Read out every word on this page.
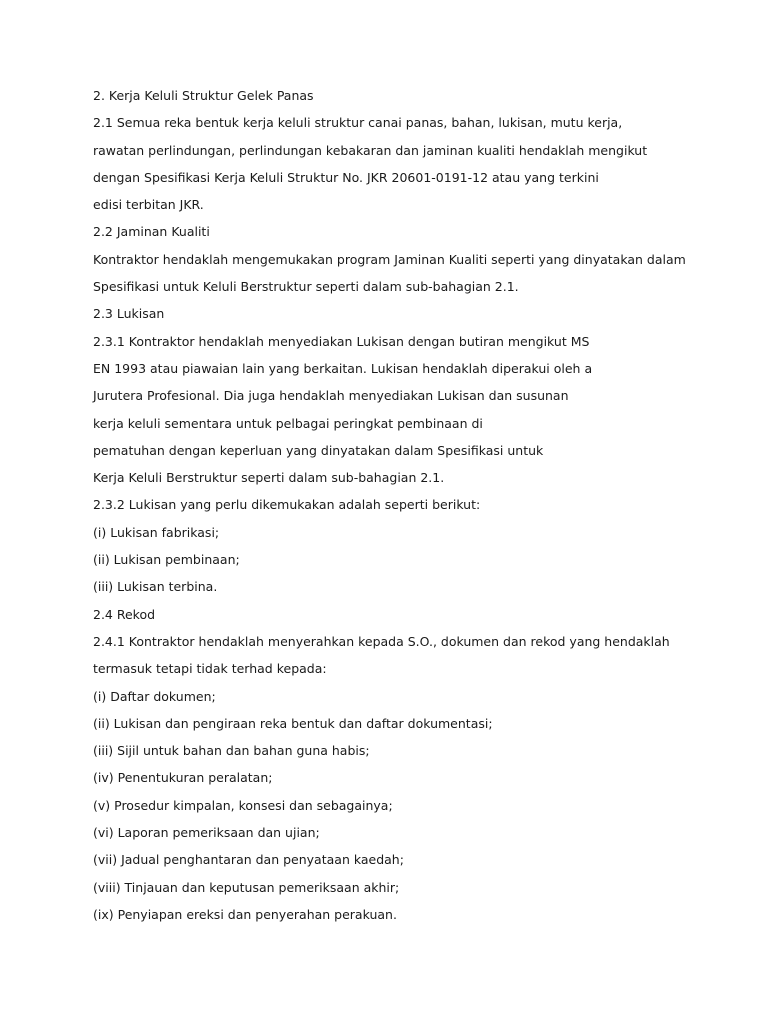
2. Kerja Keluli Struktur Gelek Panas

2.1 Semua reka bentuk kerja keluli struktur canai panas, bahan, lukisan, mutu kerja,

rawatan perlindungan, perlindungan kebakaran dan jaminan kualiti hendaklah mengikut

dengan Spesifikasi Kerja Keluli Struktur No. JKR 20601-0191-12 atau yang terkini

edisi terbitan JKR.

2.2 Jaminan Kualiti

Kontraktor hendaklah mengemukakan program Jaminan Kualiti seperti yang dinyatakan dalam

Spesifikasi untuk Keluli Berstruktur seperti dalam sub-bahagian 2.1.

2.3 Lukisan

2.3.1 Kontraktor hendaklah menyediakan Lukisan dengan butiran mengikut MS

EN 1993 atau piawaian lain yang berkaitan. Lukisan hendaklah diperakui oleh a

Jurutera Profesional. Dia juga hendaklah menyediakan Lukisan dan susunan

kerja keluli sementara untuk pelbagai peringkat pembinaan di

pematuhan dengan keperluan yang dinyatakan dalam Spesifikasi untuk

Kerja Keluli Berstruktur seperti dalam sub-bahagian 2.1.

2.3.2 Lukisan yang perlu dikemukakan adalah seperti berikut:

(i) Lukisan fabrikasi;

(ii) Lukisan pembinaan;

(iii) Lukisan terbina.

2.4 Rekod

2.4.1 Kontraktor hendaklah menyerahkan kepada S.O., dokumen dan rekod yang hendaklah

termasuk tetapi tidak terhad kepada:

(i) Daftar dokumen;

(ii) Lukisan dan pengiraan reka bentuk dan daftar dokumentasi;

(iii) Sijil untuk bahan dan bahan guna habis;

(iv) Penentukuran peralatan;

(v) Prosedur kimpalan, konsesi dan sebagainya;

(vi) Laporan pemeriksaan dan ujian;

(vii) Jadual penghantaran dan penyataan kaedah;

(viii) Tinjauan dan keputusan pemeriksaan akhir;

(ix) Penyiapan ereksi dan penyerahan perakuan.
